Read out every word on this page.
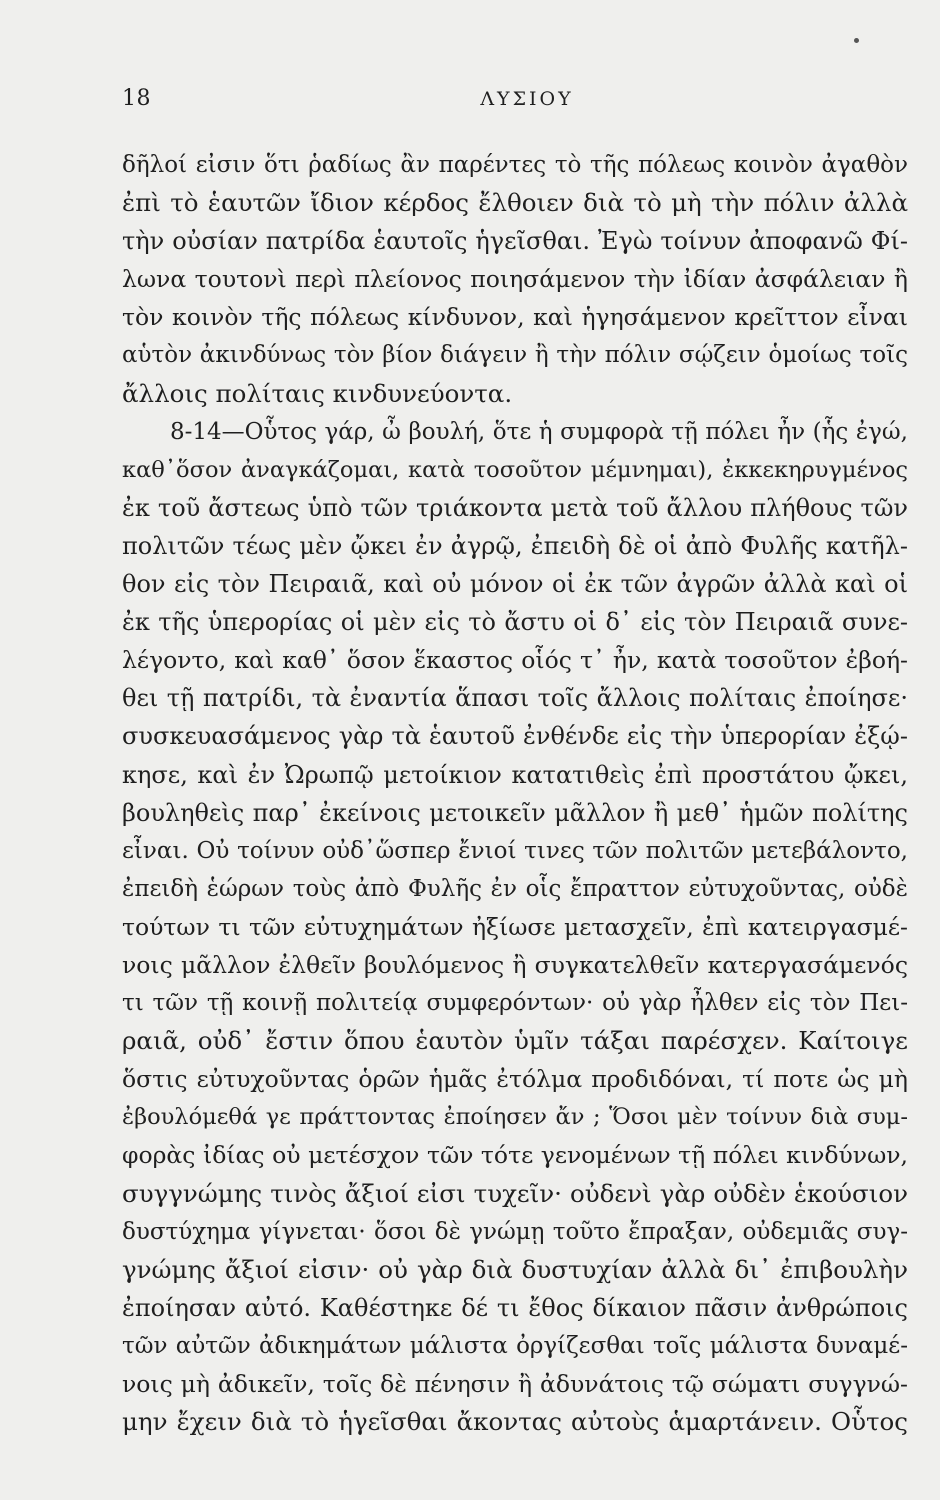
18	ΛΥΣΙΟΥ
δῆλοί εἰσιν ὅτι ῥαδίως ἂν παρέντες τὸ τῆς πόλεως κοινὸν ἀγαθὸν
ἐπὶ τὸ ἑαυτῶν ἴδιον κέρδος ἔλθοιεν διὰ τὸ μὴ τὴν πόλιν ἀλλὰ
τὴν οὐσίαν πατρίδα ἑαυτοῖς ἡγεῖσθαι. Ἐγὼ τοίνυν ἀποφανῶ Φί-
λωνα τουτονὶ περὶ πλείονος ποιησάμενον τὴν ἰδίαν ἀσφάλειαν ἢ
τὸν κοινὸν τῆς πόλεως κίνδυνον, καὶ ἡγησάμενον κρεῖττον εἶναι
αὑτὸν ἀκινδύνως τὸν βίον διάγειν ἢ τὴν πόλιν σῴζειν ὁμοίως τοῖς
ἄλλοις πολίταις κινδυνεύοντα.
8-14—Οὗτος γάρ, ὦ βουλή, ὅτε ἡ συμφορὰ τῇ πόλει ἦν (ἧς ἐγώ,
καθ᾽ὅσον ἀναγκάζομαι, κατὰ τοσοῦτον μέμνημαι), ἐκκεκηρυγμένος
ἐκ τοῦ ἄστεως ὑπὸ τῶν τριάκοντα μετὰ τοῦ ἄλλου πλήθους τῶν
πολιτῶν τέως μὲν ᾤκει ἐν ἀγρῷ, ἐπειδὴ δὲ οἱ ἀπὸ Φυλῆς κατῆλ-
θον εἰς τὸν Πειραιᾶ, καὶ οὐ μόνον οἱ ἐκ τῶν ἀγρῶν ἀλλὰ καὶ οἱ
ἐκ τῆς ὑπερορίας οἱ μὲν εἰς τὸ ἄστυ οἱ δ᾽ εἰς τὸν Πειραιᾶ συνε-
λέγοντο, καὶ καθ᾽ ὅσον ἕκαστος οἷός τ᾽ ἦν, κατὰ τοσοῦτον ἐβοή-
θει τῇ πατρίδι, τὰ ἐναντία ἅπασι τοῖς ἄλλοις πολίταις ἐποίησε·
συσκευασάμενος γὰρ τὰ ἑαυτοῦ ἐνθένδε εἰς τὴν ὑπερορίαν ἐξῴ-
κησε, καὶ ἐν Ὠρωπῷ μετοίκιον κατατιθεὶς ἐπὶ προστάτου ᾤκει,
βουληθεὶς παρ᾽ ἐκείνοις μετοικεῖν μᾶλλον ἢ μεθ᾽ ἡμῶν πολίτης
εἶναι. Οὐ τοίνυν οὐδ᾽ὥσπερ ἔνιοί τινες τῶν πολιτῶν μετεβάλοντο,
ἐπειδὴ ἑώρων τοὺς ἀπὸ Φυλῆς ἐν οἷς ἔπραττον εὐτυχοῦντας, οὐδὲ
τούτων τι τῶν εὐτυχημάτων ἠξίωσε μετασχεῖν, ἐπὶ κατειργασμέ-
νοις μᾶλλον ἐλθεῖν βουλόμενος ἢ συγκατελθεῖν κατεργασάμενός
τι τῶν τῇ κοινῇ πολιτείᾳ συμφερόντων· οὐ γὰρ ἦλθεν εἰς τὸν Πει-
ραιᾶ, οὐδ᾽ ἔστιν ὅπου ἑαυτὸν ὑμῖν τάξαι παρέσχεν. Καίτοιγε
ὅστις εὐτυχοῦντας ὁρῶν ἡμᾶς ἐτόλμα προδιδόναι, τί ποτε ὡς μὴ
ἐβουλόμεθά γε πράττοντας ἐποίησεν ἄν ; Ὅσοι μὲν τοίνυν διὰ συμ-
φορὰς ἰδίας οὐ μετέσχον τῶν τότε γενομένων τῇ πόλει κινδύνων,
συγγνώμης τινὸς ἄξιοί εἰσι τυχεῖν· οὐδενὶ γὰρ οὐδὲν ἑκούσιον
δυστύχημα γίγνεται· ὅσοι δὲ γνώμῃ τοῦτο ἔπραξαν, οὐδεμιᾶς συγ-
γνώμης ἄξιοί εἰσιν· οὐ γὰρ διὰ δυστυχίαν ἀλλὰ δι᾽ ἐπιβουλὴν
ἐποίησαν αὐτό. Καθέστηκε δέ τι ἔθος δίκαιον πᾶσιν ἀνθρώποις
τῶν αὐτῶν ἀδικημάτων μάλιστα ὀργίζεσθαι τοῖς μάλιστα δυναμέ-
νοις μὴ ἀδικεῖν, τοῖς δὲ πένησιν ἢ ἀδυνάτοις τῷ σώματι συγγνώ-
μην ἔχειν διὰ τὸ ἡγεῖσθαι ἄκοντας αὐτοὺς ἁμαρτάνειν. Οὗτος
